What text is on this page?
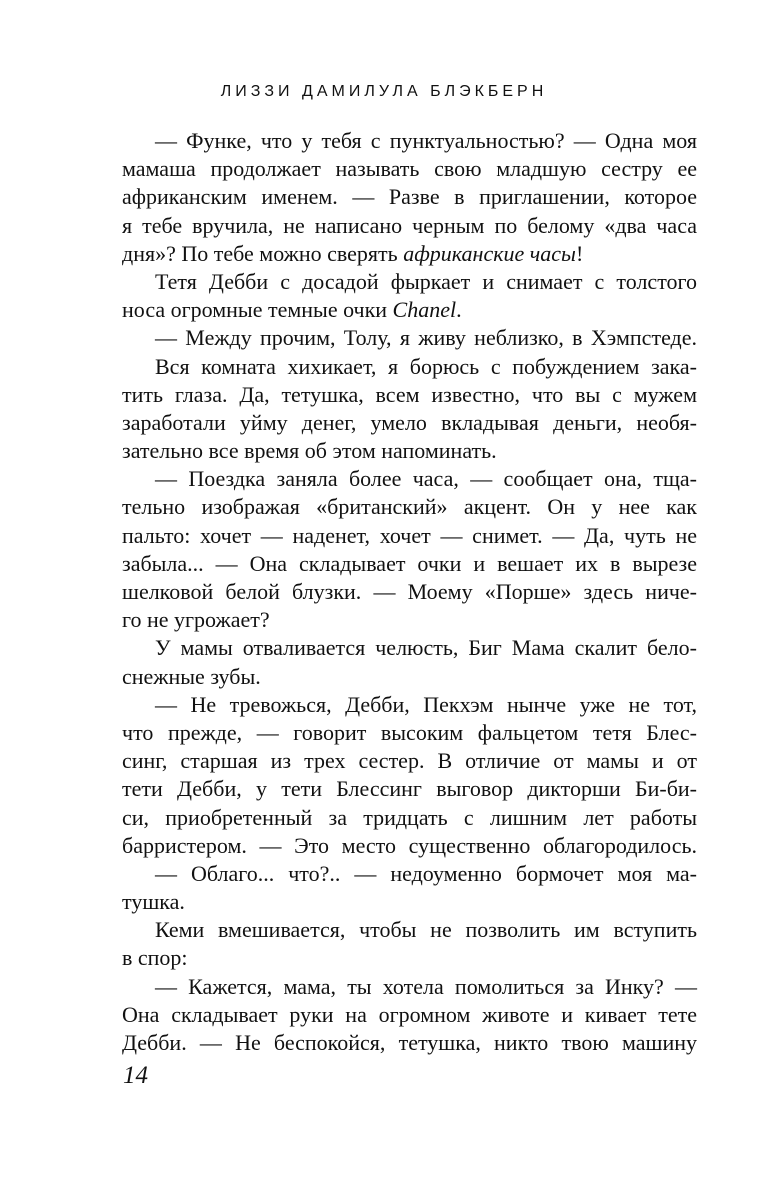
ЛИЗЗИ ДАМИЛУЛА БЛЭКБЕРН
— Функе, что у тебя с пунктуальностью? — Одна моя
мамаша продолжает называть свою младшую сестру ее
африканским именем. — Разве в приглашении, которое
я тебе вручила, не написано черным по белому «два часа
дня»? По тебе можно сверять африканские часы!
Тетя Дебби с досадой фыркает и снимает с толстого
носа огромные темные очки Chanel.
— Между прочим, Толу, я живу неблизко, в Хэмпстеде.
Вся комната хихикает, я борюсь с побуждением зака-
тить глаза. Да, тетушка, всем известно, что вы с мужем
заработали уйму денег, умело вкладывая деньги, необя-
зательно все время об этом напоминать.
— Поездка заняла более часа, — сообщает она, тща-
тельно изображая «британский» акцент. Он у нее как
пальто: хочет — наденет, хочет — снимет. — Да, чуть не
забыла... — Она складывает очки и вешает их в вырезе
шелковой белой блузки. — Моему «Порше» здесь ниче-
го не угрожает?
У мамы отваливается челюсть, Биг Мама скалит бело-
снежные зубы.
— Не тревожься, Дебби, Пекхэм нынче уже не тот,
что прежде, — говорит высоким фальцетом тетя Блес-
синг, старшая из трех сестер. В отличие от мамы и от
тети Дебби, у тети Блессинг выговор дикторши Би-би-
си, приобретенный за тридцать с лишним лет работы
барристером. — Это место существенно облагородилось.
— Облаго... что?.. — недоуменно бормочет моя ма-
тушка.
Кеми вмешивается, чтобы не позволить им вступить
в спор:
— Кажется, мама, ты хотела помолиться за Инку? —
Она складывает руки на огромном животе и кивает тете
Дебби. — Не беспокойся, тетушка, никто твою машину
14
